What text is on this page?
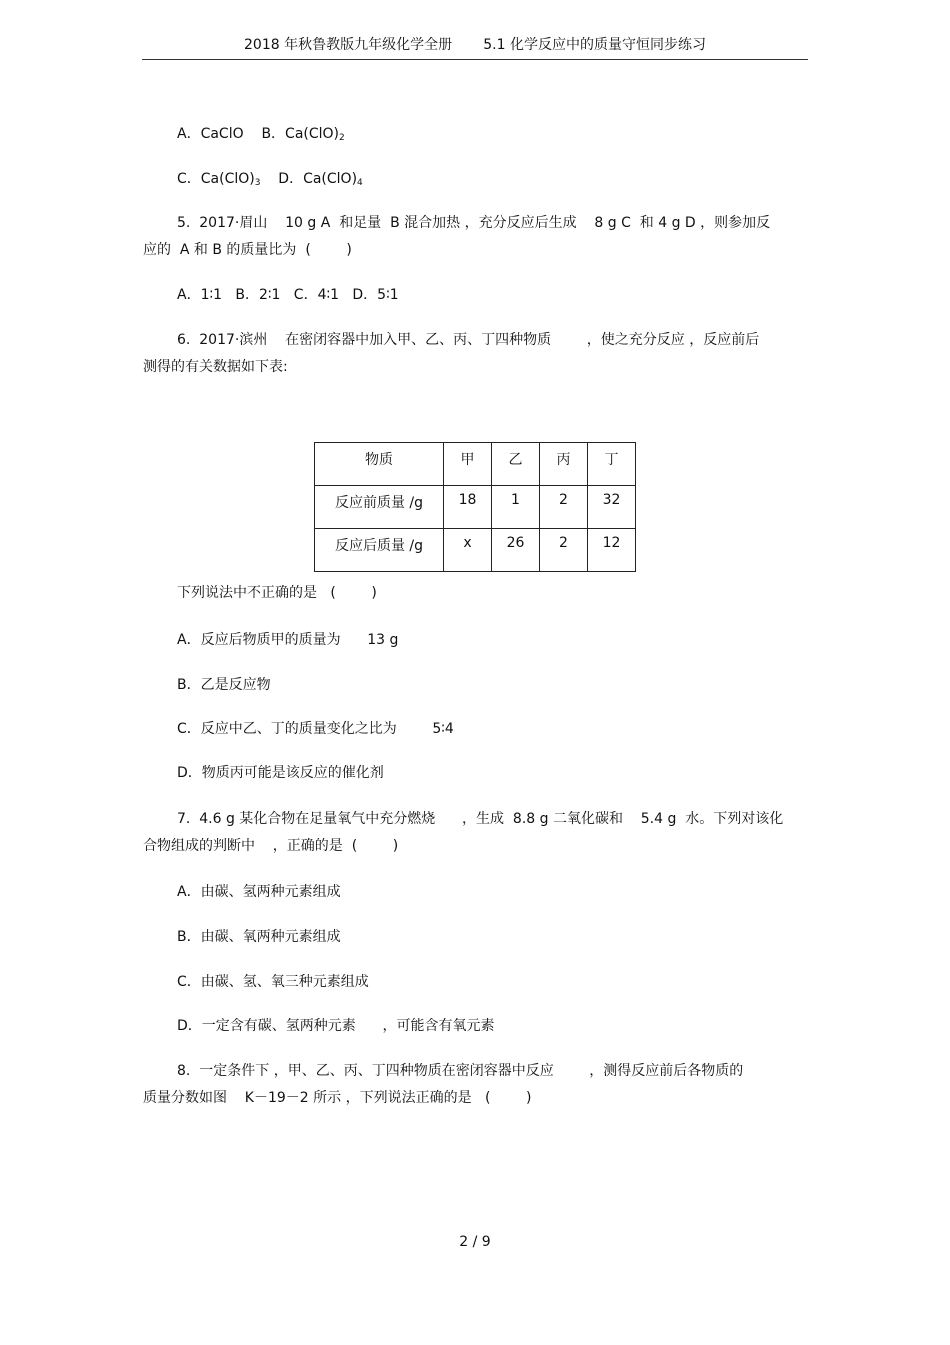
2018 年秋鲁教版九年级化学全册 5.1 化学反应中的质量守恒同步练习
A．CaClO B．$Ca(ClO)_2$
C．$Ca(ClO)_3$ D．$Ca(ClO)_4$
5.  2017·眉山    10 g A  和足量  B 混合加热 ，充分反应后生成    8 g C  和 4 g D ，则参加反
应的  A 和 B 的质量比为  (        )
A．1∶1   B．2∶1   C．4∶1   D．5∶1
6.  2017·滨州    在密闭容器中加入甲、乙、丙、丁四种物质        ，使之充分反应 ，反应前后
测得的有关数据如下表:
物质	甲	乙	丙	丁
反应前质量 /g	18	1	2	32
反应后质量 /g	x	26	2	12
下列说法中不正确的是   (        )
A．反应后物质甲的质量为      13 g
B．乙是反应物
C．反应中乙、丁的质量变化之比为        5∶4
D．物质丙可能是该反应的催化剂
7.  4.6 g 某化合物在足量氧气中充分燃烧      ，生成  8.8 g 二氧化碳和    5.4 g  水。下列对该化
合物组成的判断中    ，正确的是  (        )
A．由碳、氢两种元素组成
B．由碳、氧两种元素组成
C．由碳、氢、氧三种元素组成
D．一定含有碳、氢两种元素      ，可能含有氧元素
8.  一定条件下 ，甲、乙、丙、丁四种物质在密闭容器中反应        ，测得反应前后各物质的
质量分数如图    K－19－2 所示 ，下列说法正确的是   (        )
2 / 9
